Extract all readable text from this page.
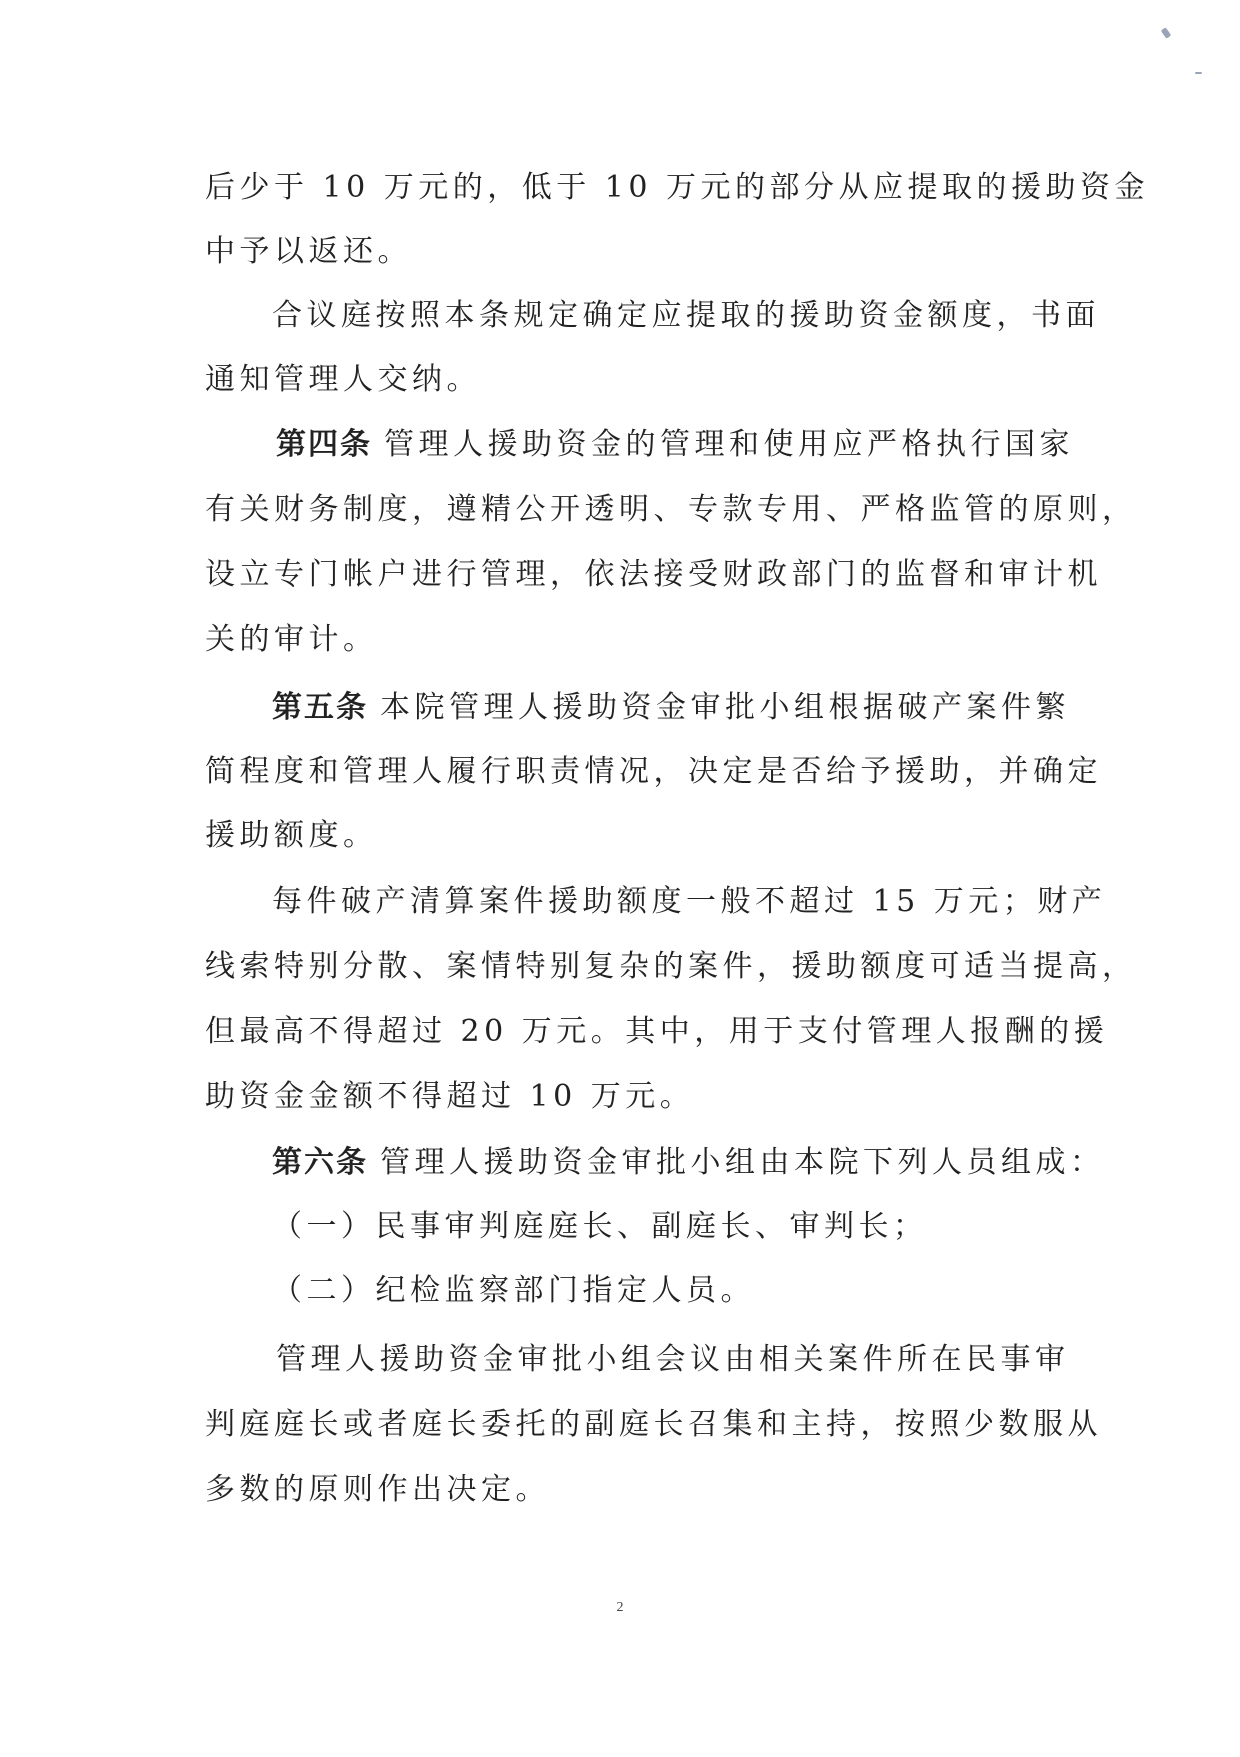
后少于 10 万元的，低于 10 万元的部分从应提取的援助资金
中予以返还。
合议庭按照本条规定确定应提取的援助资金额度，书面
通知管理人交纳。
第四条 管理人援助资金的管理和使用应严格执行国家
有关财务制度，遵精公开透明、专款专用、严格监管的原则，
设立专门帐户进行管理，依法接受财政部门的监督和审计机
关的审计。
第五条 本院管理人援助资金审批小组根据破产案件繁
简程度和管理人履行职责情况，决定是否给予援助，并确定
援助额度。
每件破产清算案件援助额度一般不超过 15 万元；财产
线索特别分散、案情特别复杂的案件，援助额度可适当提高，
但最高不得超过 20 万元。其中，用于支付管理人报酬的援
助资金金额不得超过 10 万元。
第六条 管理人援助资金审批小组由本院下列人员组成：
（一）民事审判庭庭长、副庭长、审判长；
（二）纪检监察部门指定人员。
管理人援助资金审批小组会议由相关案件所在民事审
判庭庭长或者庭长委托的副庭长召集和主持，按照少数服从
多数的原则作出决定。
2
